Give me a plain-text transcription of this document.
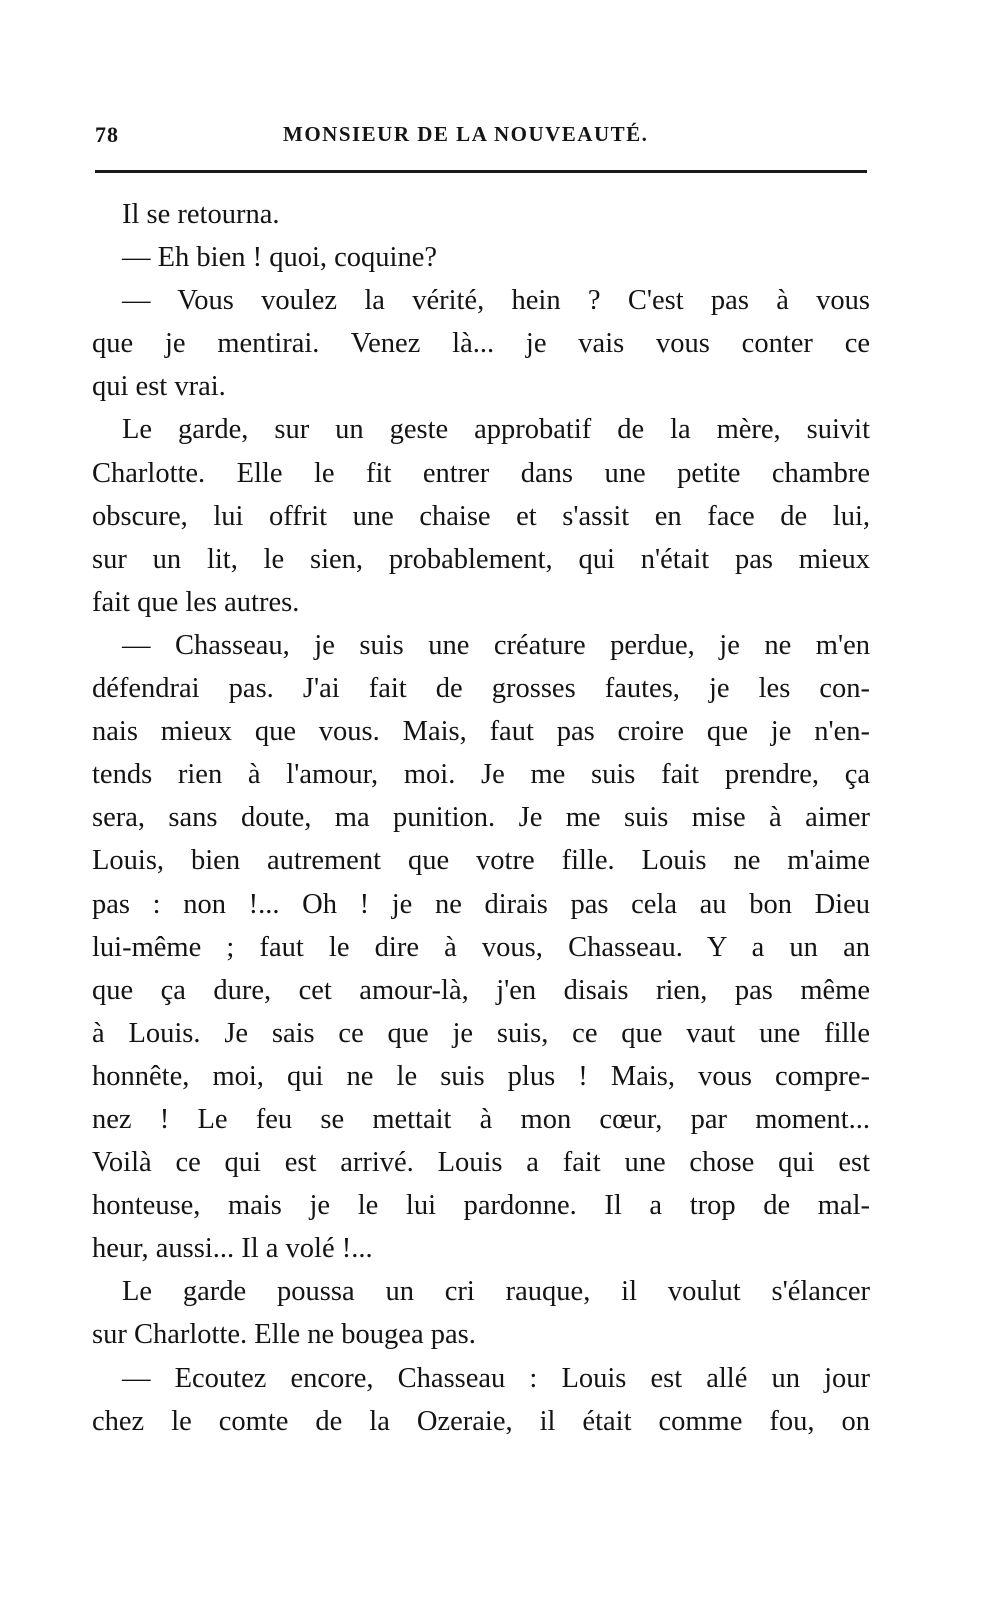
78	MONSIEUR DE LA NOUVEAUTÉ.
Il se retourna.
— Eh bien ! quoi, coquine?
— Vous voulez la vérité, hein ? C'est pas à vous
que je mentirai. Venez là... je vais vous conter ce
qui est vrai.
Le garde, sur un geste approbatif de la mère, suivit
Charlotte. Elle le fit entrer dans une petite chambre
obscure, lui offrit une chaise et s'assit en face de lui,
sur un lit, le sien, probablement, qui n'était pas mieux
fait que les autres.
— Chasseau, je suis une créature perdue, je ne m'en
défendrai pas. J'ai fait de grosses fautes, je les con-
nais mieux que vous. Mais, faut pas croire que je n'en-
tends rien à l'amour, moi. Je me suis fait prendre, ça
sera, sans doute, ma punition. Je me suis mise à aimer
Louis, bien autrement que votre fille. Louis ne m'aime
pas : non !... Oh ! je ne dirais pas cela au bon Dieu
lui-même ; faut le dire à vous, Chasseau. Y a un an
que ça dure, cet amour-là, j'en disais rien, pas même
à Louis. Je sais ce que je suis, ce que vaut une fille
honnête, moi, qui ne le suis plus ! Mais, vous compre-
nez ! Le feu se mettait à mon cœur, par moment...
Voilà ce qui est arrivé. Louis a fait une chose qui est
honteuse, mais je le lui pardonne. Il a trop de mal-
heur, aussi... Il a volé !...
Le garde poussa un cri rauque, il voulut s'élancer
sur Charlotte. Elle ne bougea pas.
— Ecoutez encore, Chasseau : Louis est allé un jour
chez le comte de la Ozeraie, il était comme fou, on
